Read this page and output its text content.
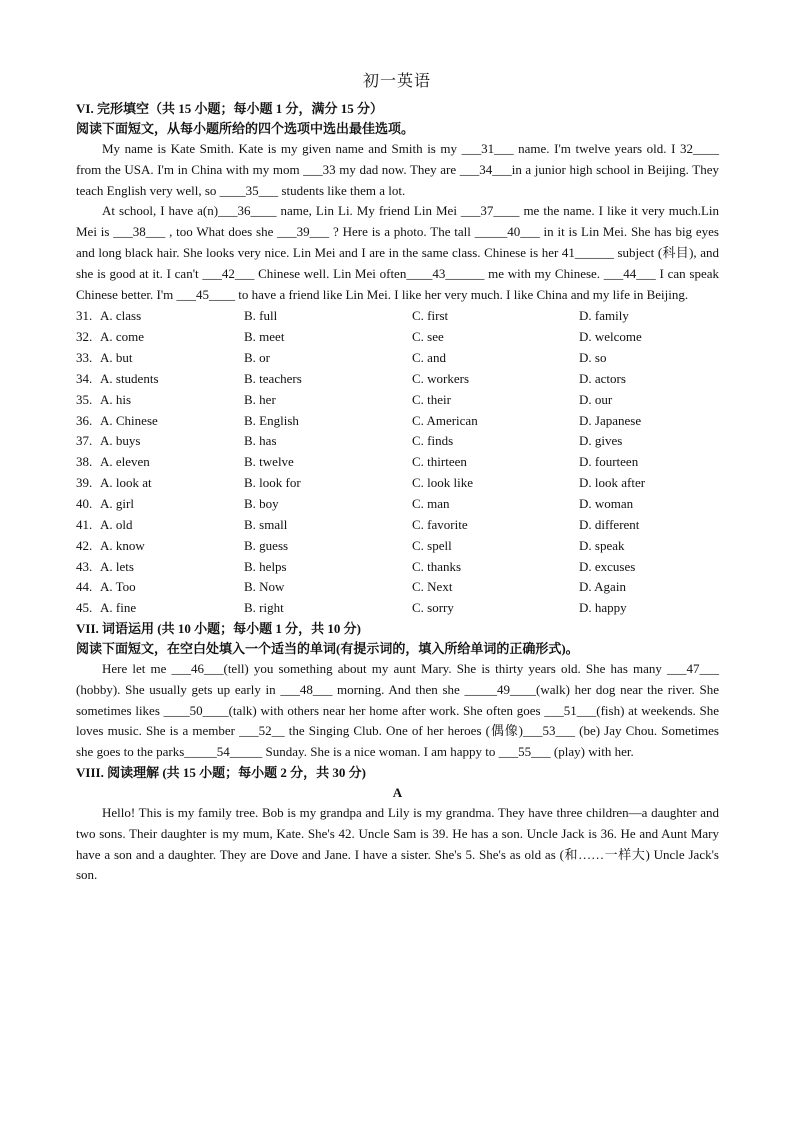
初一英语
VI. 完形填空（共 15 小题；每小题 1 分，满分 15 分）
阅读下面短文，从每小题所给的四个选项中选出最佳选项。

My name is Kate Smith. Kate is my given name and Smith is my ___31___ name. I'm twelve years old. I 32____ from the USA. I'm in China with my mom ___33 my dad now. They are ___34___in a junior high school in Beijing. They teach English very well, so ____35___ students like them a lot.

At school, I have a(n)___36____ name, Lin Li. My friend Lin Mei ___37____ me the name. I like it very much.Lin Mei is ___38___ , too What does she ___39___ ? Here is a photo. The tall _____40___ in it is Lin Mei. She has big eyes and long black hair. She looks very nice. Lin Mei and I are in the same class. Chinese is her 41______ subject (科目), and she is good at it. I can't ___42___ Chinese well. Lin Mei often____43______ me with my Chinese. ___44___ I can speak Chinese better. I'm ___45____ to have a friend like Lin Mei. I like her very much. I like China and my life in Beijing.

31. A. class	B. full	C. first	D. family
32. A. come	B. meet	C. see	D. welcome
33. A. but	B. or	C. and	D. so
34. A. students	B. teachers	C. workers	D. actors
35. A. his	B. her	C. their	D. our
36. A. Chinese	B. English	C. American	D. Japanese
37. A. buys	B. has	C. finds	D. gives
38. A. eleven	B. twelve	C. thirteen	D. fourteen
39. A. look at	B. look for	C. look like	D. look after
40. A. girl	B. boy	C. man	D. woman
41. A. old	B. small	C. favorite	D. different
42. A. know	B. guess	C. spell	D. speak
43. A. lets	B. helps	C. thanks	D. excuses
44. A. Too	B. Now	C. Next	D. Again
45. A. fine	B. right	C. sorry	D. happy
VII. 词语运用 (共 10 小题；每小题 1 分，共 10 分)
阅读下面短文，在空白处填入一个适当的单词(有提示词的，填入所给单词的正确形式)。

Here let me ___46___(tell) you something about my aunt Mary. She is thirty years old. She has many ___47___ (hobby). She usually gets up early in ___48___ morning. And then she _____49____(walk) her dog near the river. She sometimes likes ____50____(talk) with others near her home after work. She often goes ___51___(fish) at weekends. She loves music. She is a member ___52__ the Singing Club. One of her heroes (偶像)___53___ (be) Jay Chou. Sometimes she goes to the parks_____54_____ Sunday. She is a nice woman. I am happy to ___55___ (play) with her.

VIII. 阅读理解 (共 15 小题；每小题 2 分，共 30 分)
A

Hello! This is my family tree. Bob is my grandpa and Lily is my grandma. They have three children—a daughter and two sons. Their daughter is my mum, Kate. She's 42. Uncle Sam is 39. He has a son. Uncle Jack is 36. He and Aunt Mary have a son and a daughter. They are Dove and Jane. I have a sister. She's 5. She's as old as (和……一样大) Uncle Jack's son.
